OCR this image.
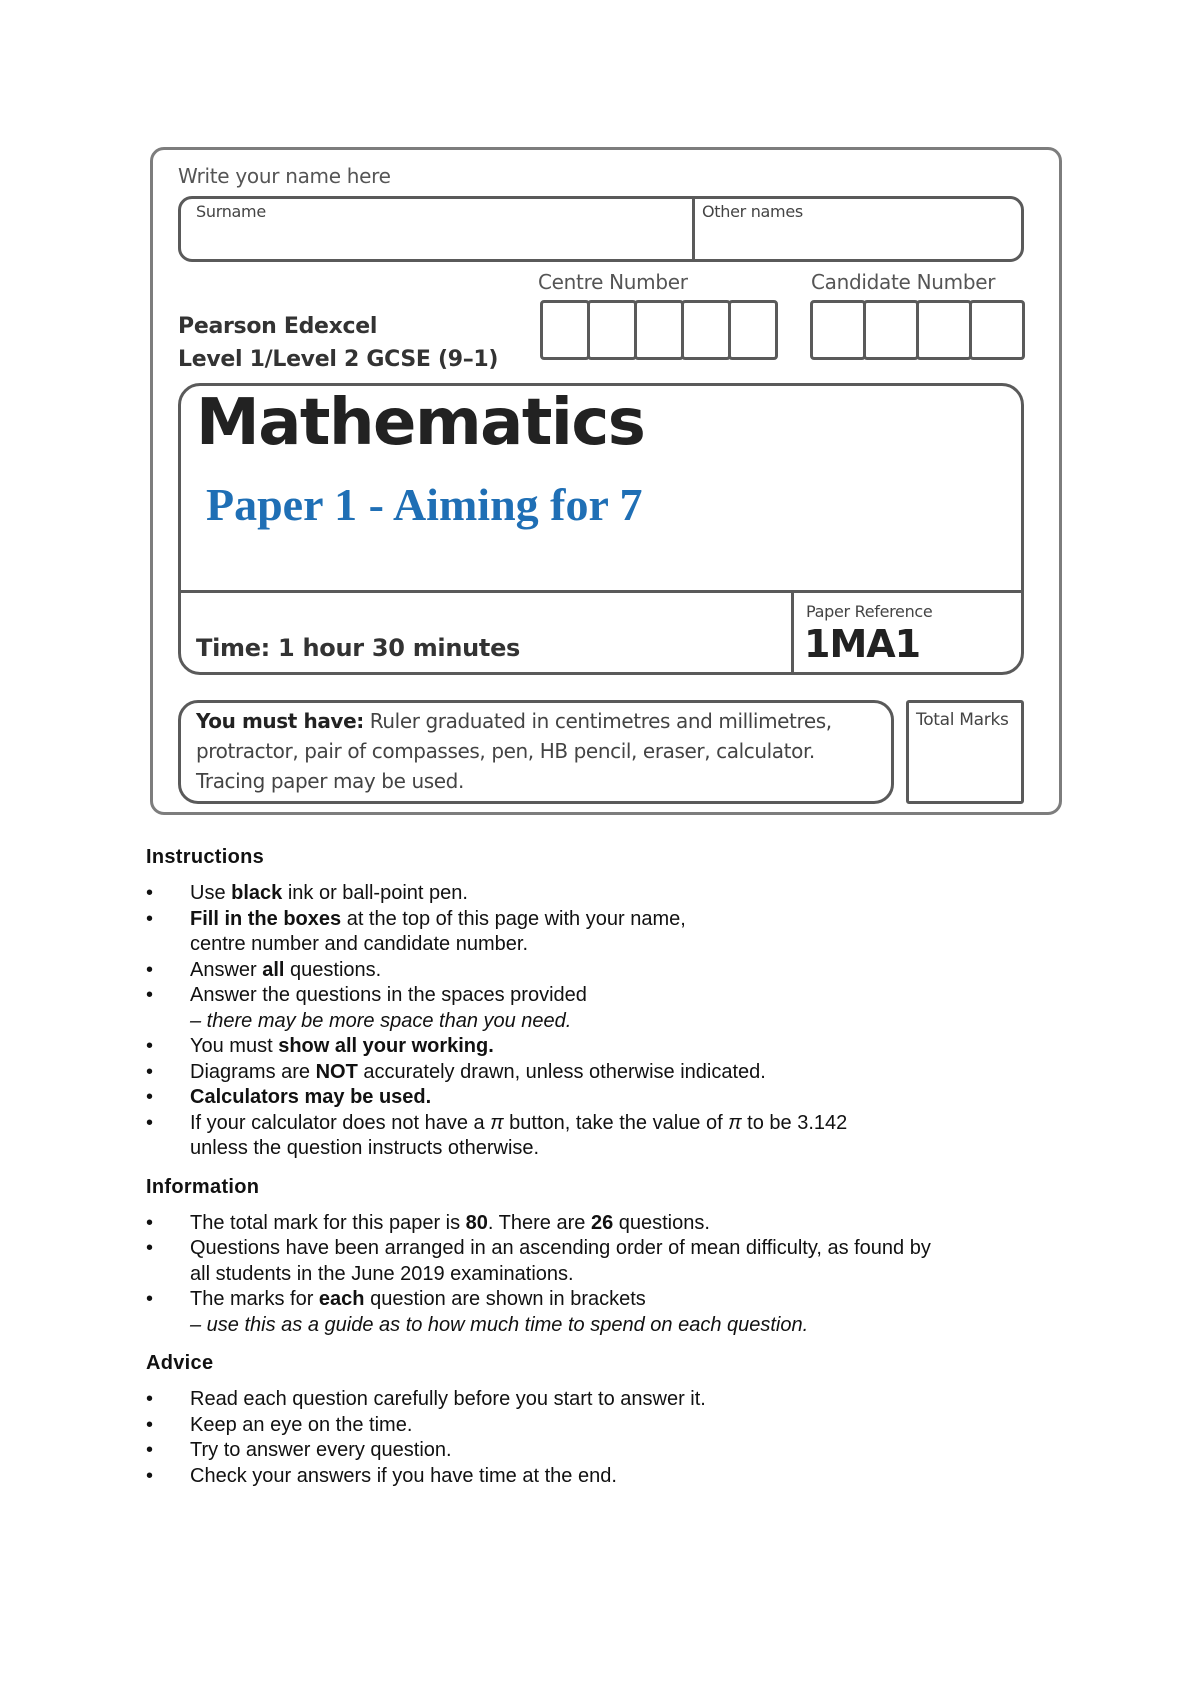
Write your name here
Surname	Other names
Centre Number	Candidate Number
Pearson Edexcel
Level 1/Level 2 GCSE (9–1)
Mathematics
Paper 1 - Aiming for 7
Time: 1 hour 30 minutes
Paper Reference
1MA1
You must have: Ruler graduated in centimetres and millimetres, protractor, pair of compasses, pen, HB pencil, eraser, calculator. Tracing paper may be used.
Total Marks
Instructions
• Use black ink or ball-point pen.
• Fill in the boxes at the top of this page with your name,
centre number and candidate number.
• Answer all questions.
• Answer the questions in the spaces provided
– there may be more space than you need.
• You must show all your working.
• Diagrams are NOT accurately drawn, unless otherwise indicated.
• Calculators may be used.
• If your calculator does not have a π button, take the value of π to be 3.142
unless the question instructs otherwise.
Information
• The total mark for this paper is 80. There are 26 questions.
• Questions have been arranged in an ascending order of mean difficulty, as found by
all students in the June 2019 examinations.
• The marks for each question are shown in brackets
– use this as a guide as to how much time to spend on each question.
Advice
• Read each question carefully before you start to answer it.
• Keep an eye on the time.
• Try to answer every question.
• Check your answers if you have time at the end.
